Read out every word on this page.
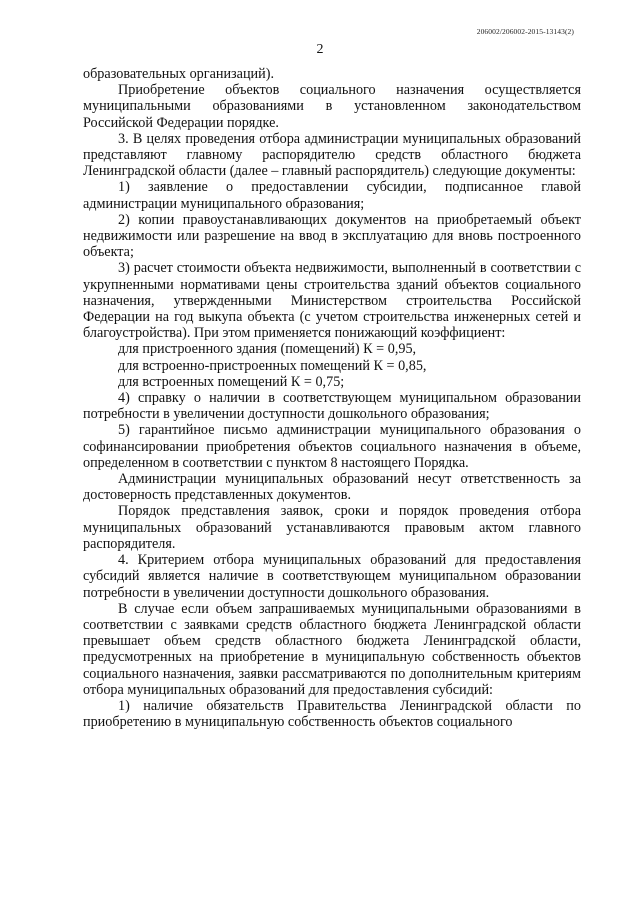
206002/206002-2015-13143(2)
2

образовательных организаций).

Приобретение объектов социального назначения осуществляется муниципальными образованиями в установленном законодательством Российской Федерации порядке.

3. В целях проведения отбора администрации муниципальных образований представляют главному распорядителю средств областного бюджета Ленинградской области (далее – главный распорядитель) следующие документы:

1) заявление о предоставлении субсидии, подписанное главой администрации муниципального образования;

2) копии правоустанавливающих документов на приобретаемый объект недвижимости или разрешение на ввод в эксплуатацию для вновь построенного объекта;

3) расчет стоимости объекта недвижимости, выполненный в соответствии с укрупненными нормативами цены строительства зданий объектов социального назначения, утвержденными Министерством строительства Российской Федерации на год выкупа объекта (с учетом строительства инженерных сетей и благоустройства). При этом применяется понижающий коэффициент:

для пристроенного здания (помещений) К = 0,95,

для встроенно-пристроенных помещений К = 0,85,

для встроенных помещений К = 0,75;

4) справку о наличии в соответствующем муниципальном образовании потребности в увеличении доступности дошкольного образования;

5) гарантийное письмо администрации муниципального образования о софинансировании приобретения объектов социального назначения в объеме, определенном в соответствии с пунктом 8 настоящего Порядка.

Администрации муниципальных образований несут ответственность за достоверность представленных документов.

Порядок представления заявок, сроки и порядок проведения отбора муниципальных образований устанавливаются правовым актом главного распорядителя.

4. Критерием отбора муниципальных образований для предоставления субсидий является наличие в соответствующем муниципальном образовании потребности в увеличении доступности дошкольного образования.

В случае если объем запрашиваемых муниципальными образованиями в соответствии с заявками средств областного бюджета Ленинградской области превышает объем средств областного бюджета Ленинградской области, предусмотренных на приобретение в муниципальную собственность объектов социального назначения, заявки рассматриваются по дополнительным критериям отбора муниципальных образований для предоставления субсидий:

1) наличие обязательств Правительства Ленинградской области по приобретению в муниципальную собственность объектов социального
